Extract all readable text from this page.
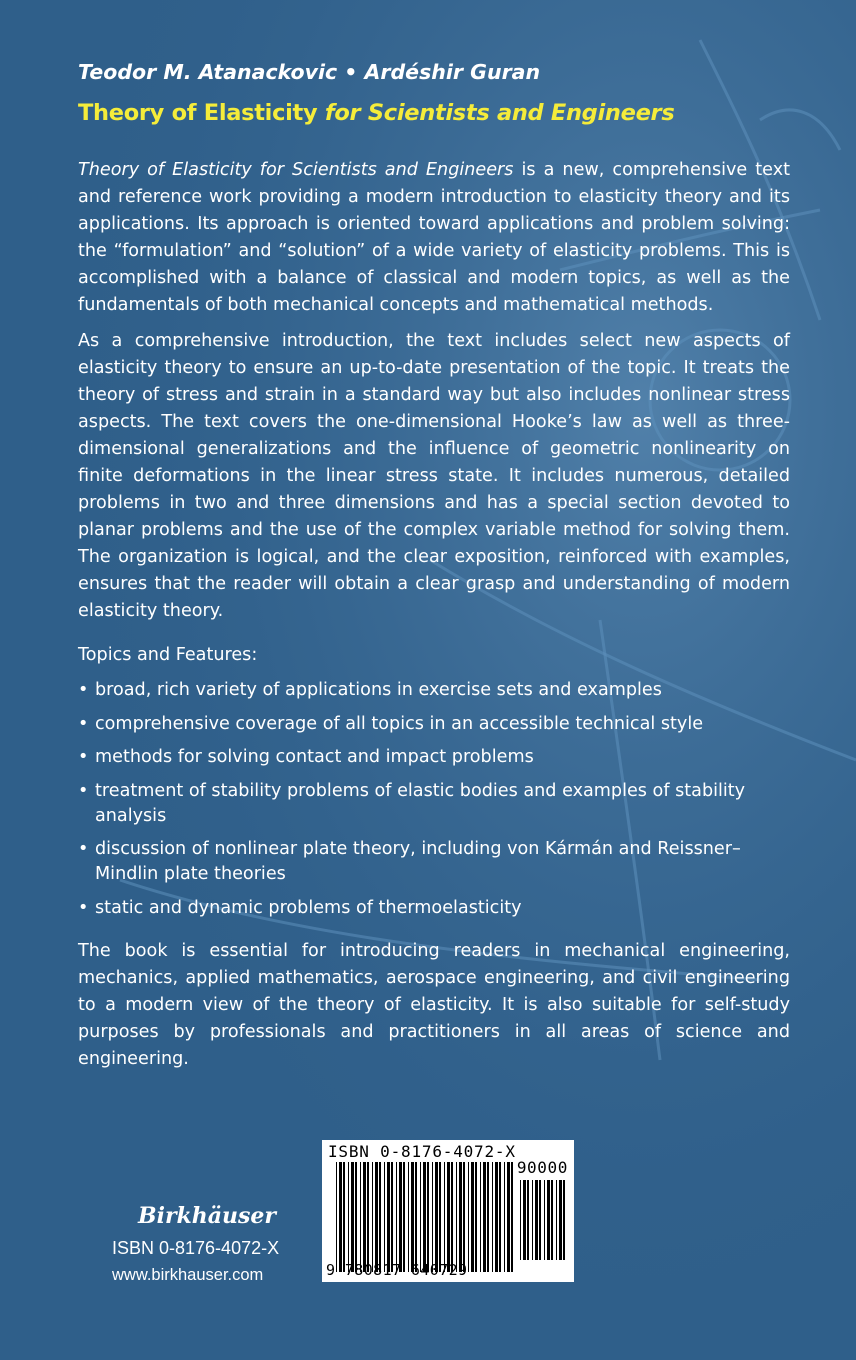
Teodor M. Atanackovic • Ardéshir Guran
Theory of Elasticity for Scientists and Engineers
Theory of Elasticity for Scientists and Engineers is a new, comprehensive text and reference work providing a modern introduction to elasticity theory and its applications. Its approach is oriented toward applications and problem solving: the “formulation” and “solution” of a wide variety of elasticity problems. This is accomplished with a balance of classical and modern topics, as well as the fundamentals of both mechanical concepts and mathematical methods.
As a comprehensive introduction, the text includes select new aspects of elasticity theory to ensure an up-to-date presentation of the topic. It treats the theory of stress and strain in a standard way but also includes nonlinear stress aspects. The text covers the one-dimensional Hooke’s law as well as three-dimensional generalizations and the influence of geometric nonlinearity on finite deformations in the linear stress state. It includes numerous, detailed problems in two and three dimensions and has a special section devoted to planar problems and the use of the complex variable method for solving them. The organization is logical, and the clear exposition, reinforced with examples, ensures that the reader will obtain a clear grasp and understanding of modern elasticity theory.
Topics and Features:
• broad, rich variety of applications in exercise sets and examples
• comprehensive coverage of all topics in an accessible technical style
• methods for solving contact and impact problems
• treatment of stability problems of elastic bodies and examples of stability analysis
• discussion of nonlinear plate theory, including von Kármán and Reissner–Mindlin plate theories
• static and dynamic problems of thermoelasticity
The book is essential for introducing readers in mechanical engineering, mechanics, applied mathematics, aerospace engineering, and civil engineering to a modern view of the theory of elasticity. It is also suitable for self-study purposes by professionals and practitioners in all areas of science and engineering.
Birkhäuser
ISBN 0-8176-4072-X
www.birkhauser.com
ISBN 0-8176-4072-X
90000
9 780817 640729
